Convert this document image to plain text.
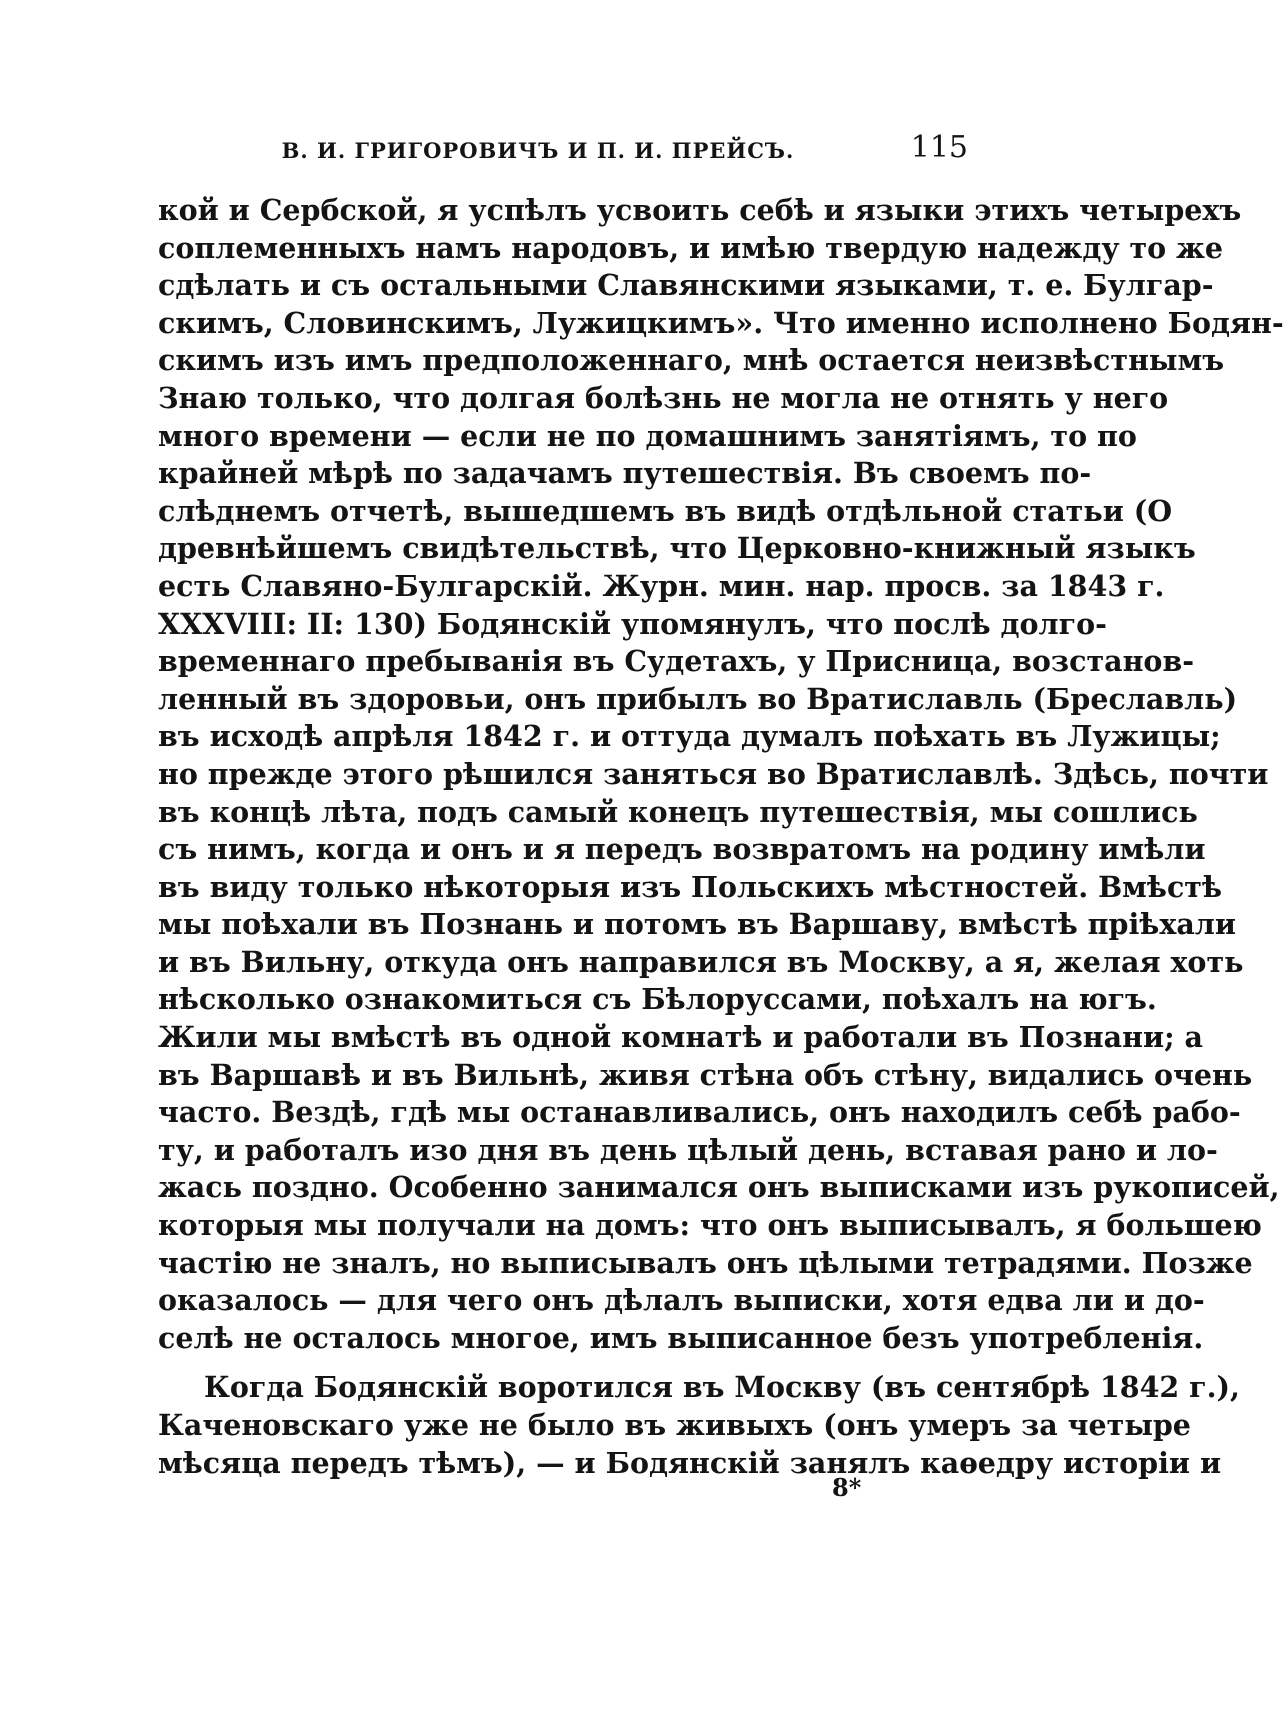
В. И. ГРИГОРОВИЧЪ И П. И. ПРЕЙСЪ.	115
кой и Сербской, я успѣлъ усвоить себѣ и языки этихъ четырехъ
соплеменныхъ намъ народовъ, и имѣю твердую надежду то же
сдѣлать и съ остальными Славянскими языками, т. е. Булгар-
скимъ, Словинскимъ, Лужицкимъ». Что именно исполнено Бодян-
скимъ изъ имъ предположеннаго, мнѣ остается неизвѣстнымъ
Знаю только, что долгая болѣзнь не могла не отнять у него
много времени — если не по домашнимъ занятіямъ, то по
крайней мѣрѣ по задачамъ путешествія. Въ своемъ по-
слѣднемъ отчетѣ, вышедшемъ въ видѣ отдѣльной статьи (О
древнѣйшемъ свидѣтельствѣ, что Церковно-книжный языкъ
есть Славяно-Булгарскій. Журн. мин. нар. просв. за 1843 г.
XXXVIII: II: 130) Бодянскій упомянулъ, что послѣ долго-
временнаго пребыванія въ Судетахъ, у Присница, возстанов-
ленный въ здоровьи, онъ прибылъ во Вратиславль (Бреславль)
въ исходѣ апрѣля 1842 г. и оттуда думалъ поѣхать въ Лужицы;
но прежде этого рѣшился заняться во Вратиславлѣ. Здѣсь, почти
въ концѣ лѣта, подъ самый конецъ путешествія, мы сошлись
съ нимъ, когда и онъ и я передъ возвратомъ на родину имѣли
въ виду только нѣкоторыя изъ Польскихъ мѣстностей. Вмѣстѣ
мы поѣхали въ Познань и потомъ въ Варшаву, вмѣстѣ пріѣхали
и въ Вильну, откуда онъ направился въ Москву, а я, желая хоть
нѣсколько ознакомиться съ Бѣлоруссами, поѣхалъ на югъ.
Жили мы вмѣстѣ въ одной комнатѣ и работали въ Познани; а
въ Варшавѣ и въ Вильнѣ, живя стѣна объ стѣну, видались очень
часто. Вездѣ, гдѣ мы останавливались, онъ находилъ себѣ рабо-
ту, и работалъ изо дня въ день цѣлый день, вставая рано и ло-
жась поздно. Особенно занимался онъ выписками изъ рукописей,
которыя мы получали на домъ: что онъ выписывалъ, я большею
частію не зналъ, но выписывалъ онъ цѣлыми тетрадями. Позже
оказалось — для чего онъ дѣлалъ выписки, хотя едва ли и до-
селѣ не осталось многое, имъ выписанное безъ употребленія.
Когда Бодянскій воротился въ Москву (въ сентябрѣ 1842 г.),
Каченовскаго уже не было въ живыхъ (онъ умеръ за четыре
мѣсяца передъ тѣмъ), — и Бодянскій занялъ каѳедру исторіи и
8*
